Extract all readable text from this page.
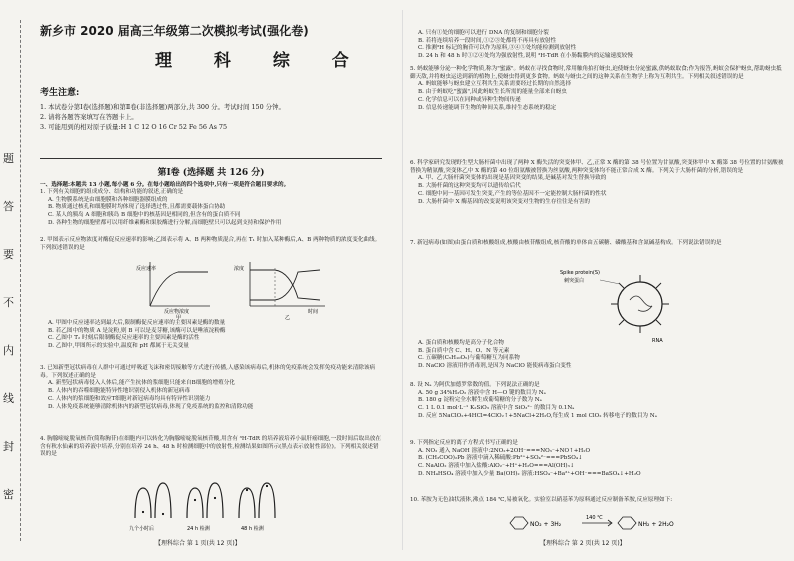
题
答
要
不
内
线
封
密
新乡市 2020 届高三年级第二次模拟考试(强化卷)
理 科 综 合
考生注意:

1. 本试卷分第Ⅰ卷(选择题)和第Ⅱ卷(非选择题)两部分,共 300 分。考试时间 150 分钟。

2. 请将各题答案填写在答题卡上。

3. 可能用到的相对原子质量:H 1 C 12 O 16 Cr 52 Fe 56 As 75

第Ⅰ卷 (选择题 共 126 分)
一、选择题:本题共 13 小题,每小题 6 分。在每小题给出的四个选项中,只有一项是符合题目要求的。

1. 下列有关细胞的组成成分、结构和功能的叙述,正确的是

A. 生物膜系统是由细胞膜和各种细胞器膜组成的

B. 物质通过核孔和细胞膜时均体现了选择透过性,且都需要载体蛋白协助

C. 某人的胰岛 A 细胞和胰岛 B 细胞中的核基因是相同的,但含有的蛋白质不同

D. 各种生物的细胞壁都可以用纤维素酶和果胶酶进行分解,而细胞壁只可以起到支持和保护作用

2. 甲图表示反应物浓度对酶促反应速率的影响;乙图表示将 A、B 两种物质混合,再在 T₁ 时加入某种酶后,A、B 两种物质的浓度变化曲线。下列叙述错误的是

反应速率
反应物浓度
甲
浓度
时间
乙

A. 甲图中反应速率达到最大后,限制酶促反应速率的主要因素是酶的数量

B. 若乙图中的物质 A 是淀粉,则 B 可以是麦芽糖,该酶可以是唾液淀粉酶

C. 乙图中 T₂ 时刻后限制酶促反应速率的主要因素是酶的活性

D. 乙图中,甲图所示的实验中,温度和 pH 都属于无关变量

3. 已知新型冠状病毒在人群中可通过呼吸道飞沫和密切接触等方式进行传播,人感染该病毒后,机体的免疫系统会发挥免疫功能来清除该病毒。下列叙述正确的是

A. 新型冠状病毒侵入人体后,能产生抗体的浆细胞只能来自B细胞的增殖分化

B. 人体内的吞噬细胞能特异性地识别侵入机体的新冠病毒

C. 人体内的浆细胞和效应T细胞对新冠病毒均具有特异性识别能力

D. 人体免疫系统能够清除机体内的新型冠状病毒,体现了免疫系统的监控和清除功能

4. 胸腺嘧啶脱氧核苷(简称胸苷)在细胞内可以转化为胸腺嘧啶脱氧核苷酸,用含有 ³H-TdR 的培养液培养小鼠肝癌细胞,一段时间后取出放在含有秋水仙素的培养液中培养,分别在培养 24 h、48 h 时检测细胞中的放射性,检测结果如图所示(黑点表示放射性部位)。下列相关叙述错误的是

九个小时后	24 h 检测	48 h 检测
【理科综合 第 1 页(共 12 页)】

A. 只有①处的细胞可以进行 DNA 的复制和细胞分裂

B. 若将连续培养一段时间,①②③处都将不再具有放射性

C. 推测³H 标记的胸苷可以作为原料,③④⑤处均能检测到放射性

D. 24 h 和 48 h 时①②④处均为强放射性,说明 ³H-TdR 在小肠黏膜内的运输速度较慢

5. 蚂蚁能够分泌一种化学物质,称为"蜜露"。蚂蚁在寻找食物时,常用触角拍打蚜虫,迫使蚜虫分泌蜜露,供蚂蚁取食;作为报答,蚂蚁会保护蚜虫,帮助蚜虫抵御天敌,并将蚜虫运送到新的植物上,使蚜虫得到更多食物。蚂蚁与蚜虫之间的这种关系在生物学上称为互利共生。下列相关叙述错误的是

A. 蚂蚁能够与蚜虫建立互利共生关系需要经过长期的自然选择

B. 由于蚂蚁吃"蜜露",因此蚂蚁生长所需的能量全部来自蚜虫

C. 化学信息可以在同种或异种生物间传递

D. 信息传递能调节生物的种间关系,维持生态系统的稳定

6. 科学家研究发现野生型大肠杆菌中出现了两种 X 酶失活的突变体甲、乙,正常 X 酶的第 38 号位置为甘氨酸,突变体甲中 X 酶第 38 号位置的甘氨酸被替换为精氨酸,突变体乙中 X 酶的第 40 位组氨酸被替换为丝氨酸,两种突变体均不能正常合成 X 酶。下列关于大肠杆菌的分析,错误的是

A. 甲、乙大肠杆菌突变体的出现是基因突变的结果,是碱基对发生替换导致的

B. 大肠杆菌的这种突变均可以遗传给后代

C. 细胞中同一基因可发生突变,产生的等位基因不一定能控制大肠杆菌的性状

D. 大肠杆菌中 X 酶基因的改变说明该突变对生物的生存往往是有害的

7. 新冠病毒(如图)由蛋白质和核酸组成,核酸由核苷酸组成,核苷酸的单体由五碳糖、磷酸基和含氮碱基构成。下列说法错误的是

Spike protein(S)
刺突蛋白
RNA

A. 蛋白质和核酸均是高分子化合物

B. 蛋白质中含 C、H、O、N 等元素

C. 五碳糖(C₅H₁₀O₅)与葡萄糖互为同系物

D. NaClO 溶液用作消毒剂,是因为 NaClO 能使病毒蛋白变性

8. 设 Nₐ 为阿伏加德罗常数的值。下列说法正确的是

A. 50 g 34%H₂O₂ 溶液中含 H—O 键的数目为 Nₐ

B. 180 g 淀粉完全水解生成葡萄糖的分子数为 Nₐ

C. 1 L 0.1 mol·L⁻¹ K₂SiO₃ 溶液中含 SiO₃²⁻ 的数目为 0.1Nₐ

D. 反应 5NaClO₂+4HCl=4ClO₂↑+5NaCl+2H₂O,每生成 1 mol ClO₂ 转移电子的数目为 Nₐ

9. 下列指定反应的离子方程式书写正确的是

A. NO₂ 通入 NaOH 溶液中:2NO₂+2OH⁻===NO₃⁻+NO↑+H₂O

B. (CH₃COO)₂Pb 溶液中滴入稀硫酸:Pb²⁺+SO₄²⁻===PbSO₄↓

C. NaAlO₂ 溶液中加入盐酸:AlO₂⁻+H⁺+H₂O===Al(OH)₃↓

D. NH₄HSO₄ 溶液中加入少量 Ba(OH)₂ 溶液:HSO₄⁻+Ba²⁺+OH⁻===BaSO₄↓+H₂O

10. 苯胺为无色油状液体,沸点 184 ℃,易被氧化。实验室以硝基苯为原料通过反应制备苯胺,反应原理如下:

NO₂ + 3H₂
140 ℃
NH₂ + 2H₂O
【理科综合 第 2 页(共 12 页)】
